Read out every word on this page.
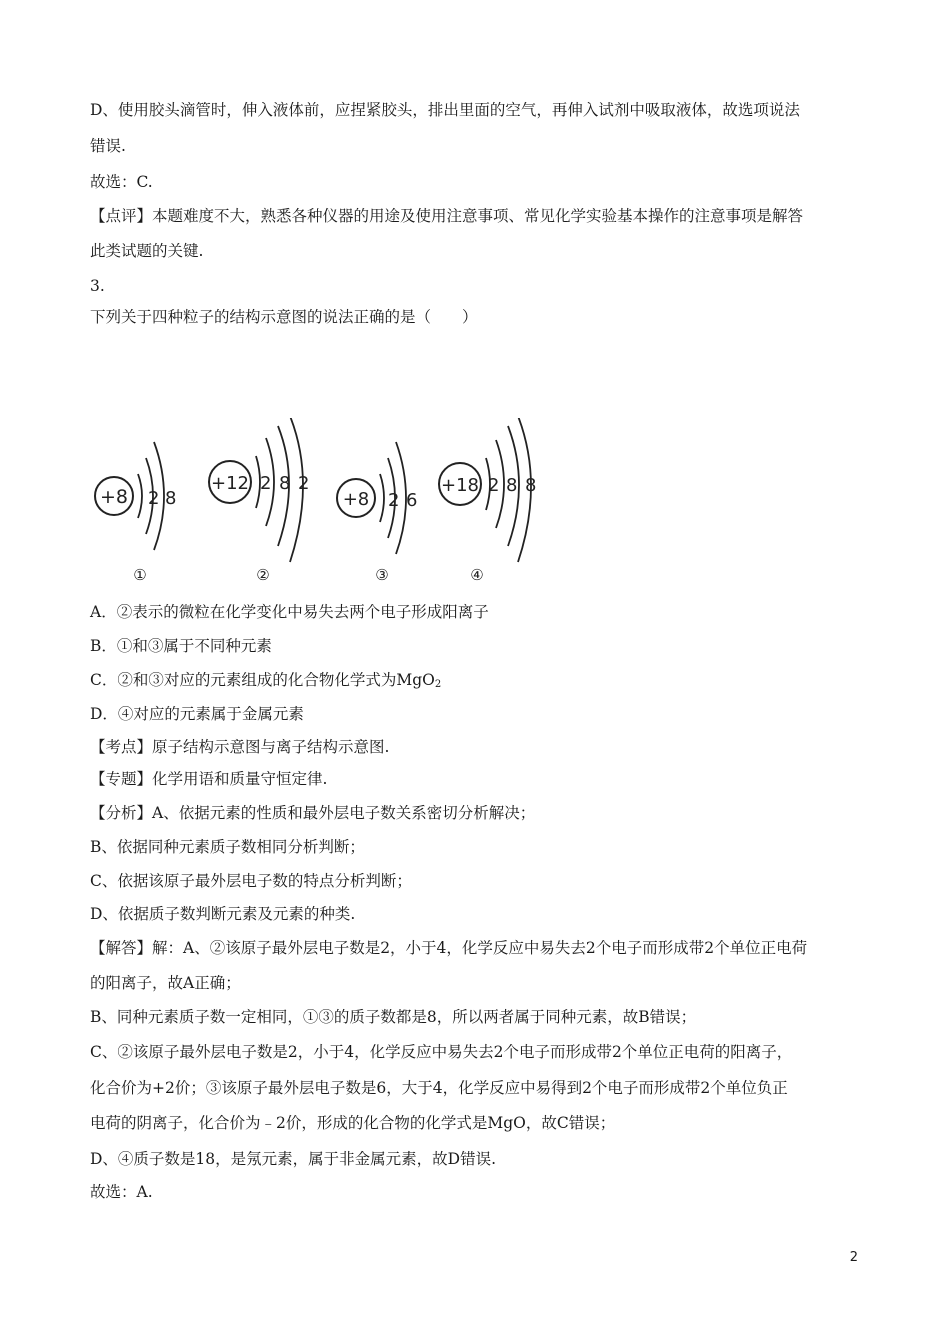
D、使用胶头滴管时，伸入液体前，应捏紧胶头，排出里面的空气，再伸入试剂中吸取液体，故选项说法
错误.
故选：C.
【点评】本题难度不大，熟悉各种仪器的用途及使用注意事项、常见化学实验基本操作的注意事项是解答
此类试题的关键.
3.
下列关于四种粒子的结构示意图的说法正确的是（　　）
+8 2 8
①
+12 2 8 2
②
+8 2 6
③
+18 2 8 8
④
A．②表示的微粒在化学变化中易失去两个电子形成阳离子
B．①和③属于不同种元素
C．②和③对应的元素组成的化合物化学式为MgO$_2$
D．④对应的元素属于金属元素
【考点】原子结构示意图与离子结构示意图.
【专题】化学用语和质量守恒定律.
【分析】A、依据元素的性质和最外层电子数关系密切分析解决；
B、依据同种元素质子数相同分析判断；
C、依据该原子最外层电子数的特点分析判断；
D、依据质子数判断元素及元素的种类.
【解答】解：A、②该原子最外层电子数是2，小于4，化学反应中易失去2个电子而形成带2个单位正电荷
的阳离子，故A正确；
B、同种元素质子数一定相同，①③的质子数都是8，所以两者属于同种元素，故B错误；
C、②该原子最外层电子数是2，小于4，化学反应中易失去2个电子而形成带2个单位正电荷的阳离子，
化合价为+2价；③该原子最外层电子数是6，大于4，化学反应中易得到2个电子而形成带2个单位负正
电荷的阴离子，化合价为﹣2价，形成的化合物的化学式是MgO，故C错误；
D、④质子数是18，是氖元素，属于非金属元素，故D错误.
故选：A.
2
